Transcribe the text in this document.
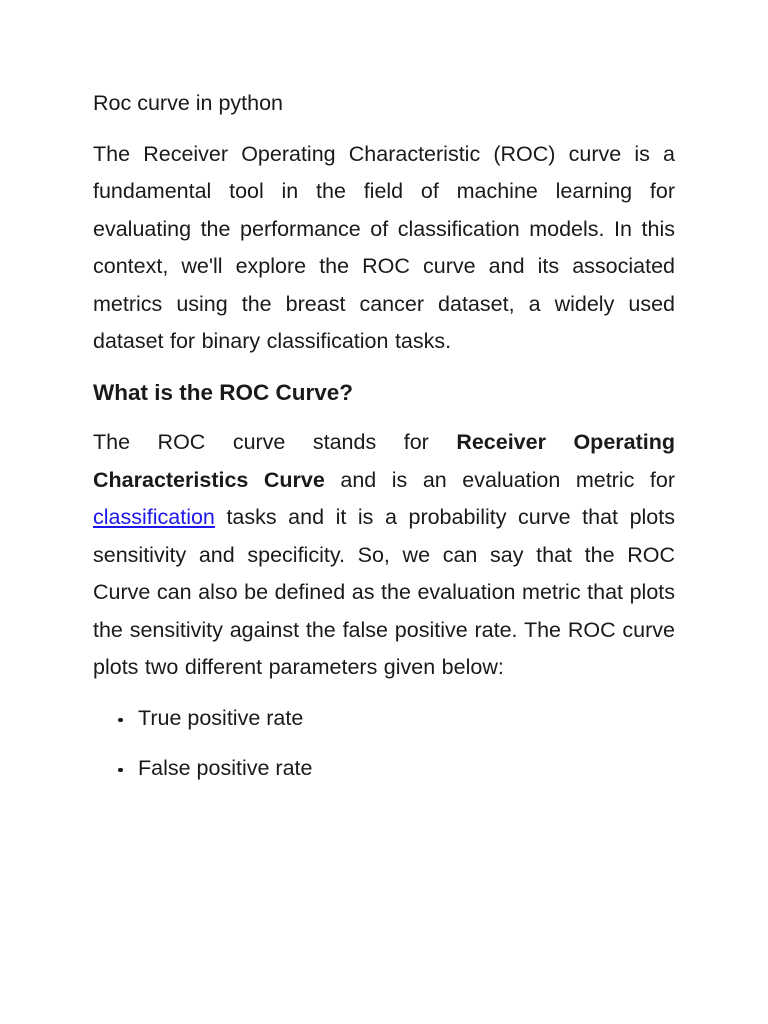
Roc curve in python

The Receiver Operating Characteristic (ROC) curve is a fundamental tool in the field of machine learning for evaluating the performance of classification models. In this context, we'll explore the ROC curve and its associated metrics using the breast cancer dataset, a widely used dataset for binary classification tasks.

What is the ROC Curve?

The ROC curve stands for Receiver Operating Characteristics Curve and is an evaluation metric for classification tasks and it is a probability curve that plots sensitivity and specificity. So, we can say that the ROC Curve can also be defined as the evaluation metric that plots the sensitivity against the false positive rate. The ROC curve plots two different parameters given below:

True positive rate
False positive rate
